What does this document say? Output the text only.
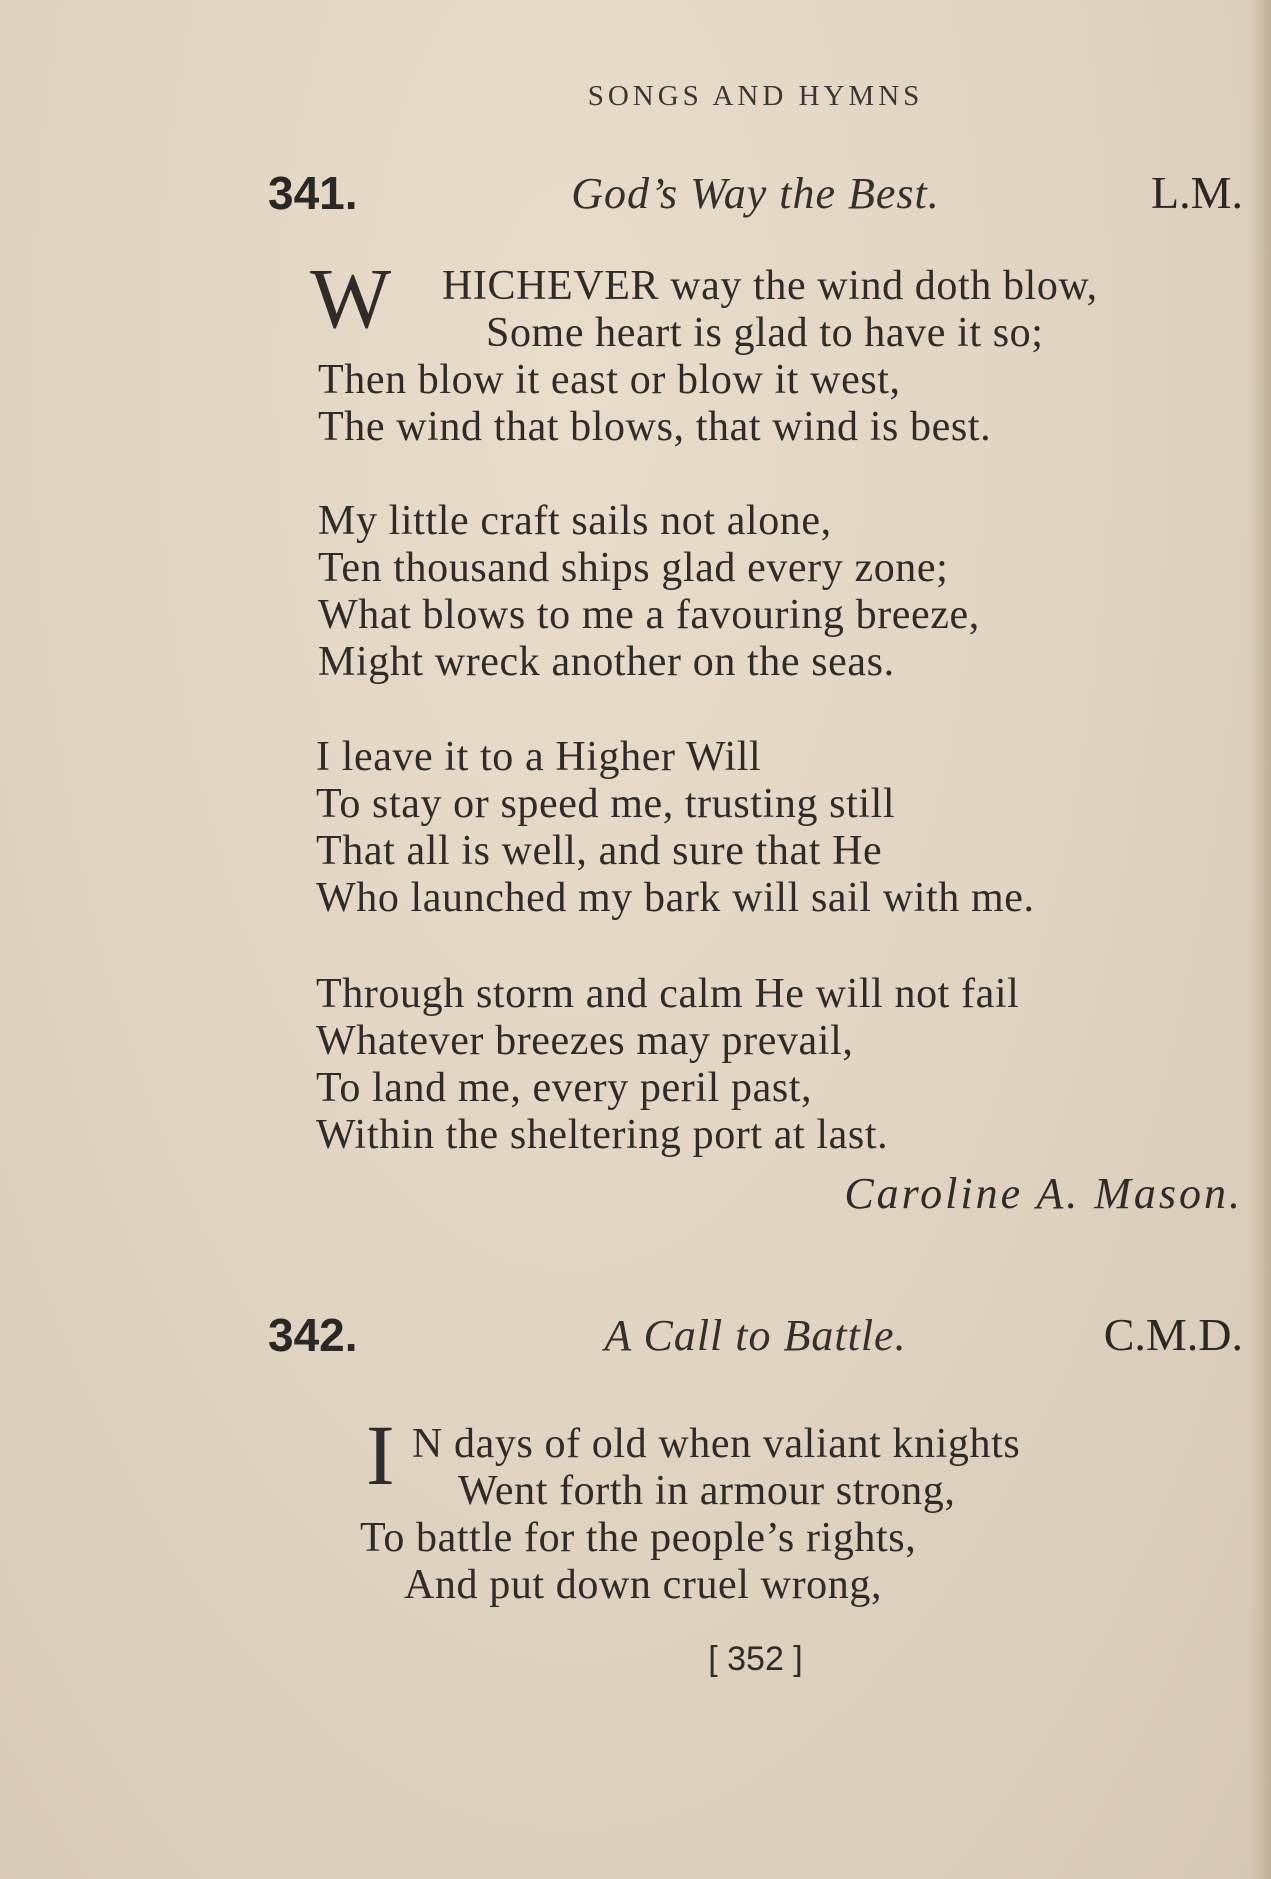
SONGS AND HYMNS
341.	God’s Way the Best.	L.M.
W HICHEVER way the wind doth blow,
Some heart is glad to have it so;
Then blow it east or blow it west,
The wind that blows, that wind is best.
My little craft sails not alone,
Ten thousand ships glad every zone;
What blows to me a favouring breeze,
Might wreck another on the seas.
I leave it to a Higher Will
To stay or speed me, trusting still
That all is well, and sure that He
Who launched my bark will sail with me.
Through storm and calm He will not fail
Whatever breezes may prevail,
To land me, every peril past,
Within the sheltering port at last.
Caroline A. Mason.
342.	A Call to Battle.	C.M.D.
I N days of old when valiant knights
Went forth in armour strong,
To battle for the people’s rights,
And put down cruel wrong,
[ 352 ]
